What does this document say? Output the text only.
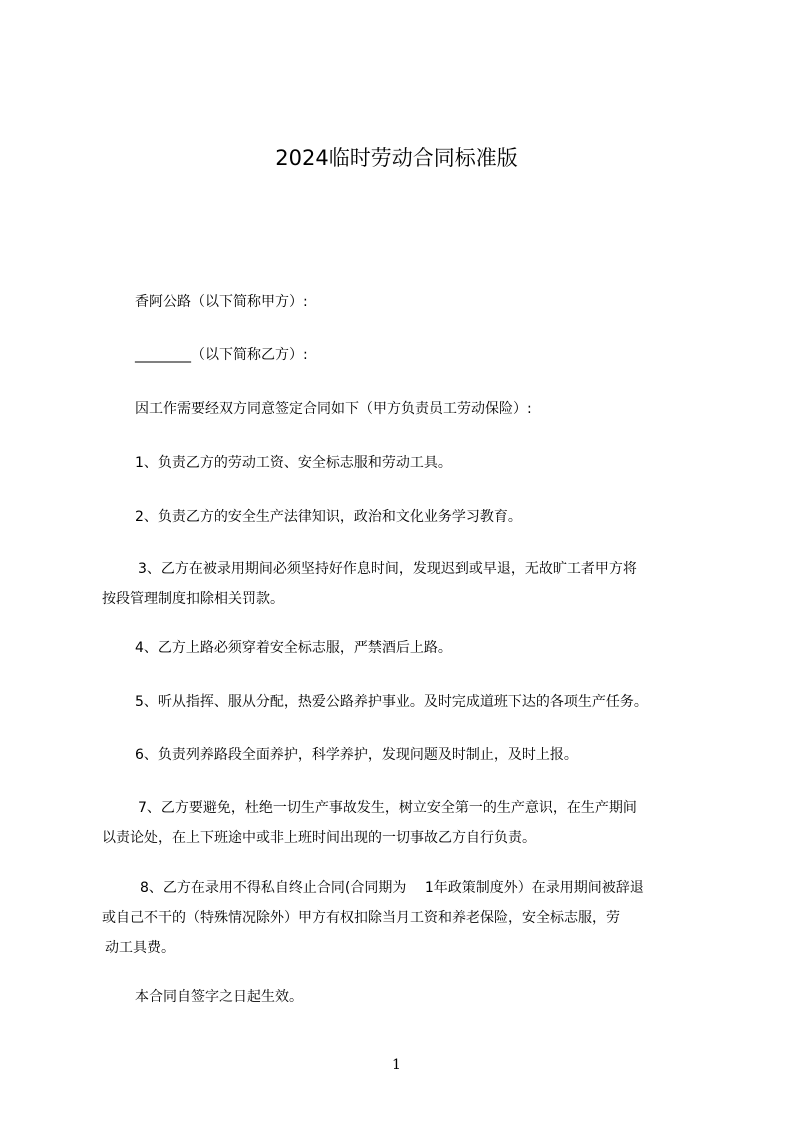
2024临时劳动合同标准版
香阿公路（以下简称甲方）:
________（以下简称乙方）:
因工作需要经双方同意签定合同如下（甲方负责员工劳动保险）:
1、负责乙方的劳动工资、安全标志服和劳动工具。
2、负责乙方的安全生产法律知识，政治和文化业务学习教育。
3、乙方在被录用期间必须坚持好作息时间，发现迟到或早退，无故旷工者甲方将
按段管理制度扣除相关罚款。
4、乙方上路必须穿着安全标志服，严禁酒后上路。
5、听从指挥、服从分配，热爱公路养护事业。及时完成道班下达的各项生产任务。
6、负责列养路段全面养护，科学养护，发现问题及时制止，及时上报。
7、乙方要避免，杜绝一切生产事故发生，树立安全第一的生产意识，在生产期间
以责论处，在上下班途中或非上班时间出现的一切事故乙方自行负责。
8、乙方在录用不得私自终止合同(合同期为　 1年政策制度外）在录用期间被辞退
或自己不干的（特殊情况除外）甲方有权扣除当月工资和养老保险，安全标志服，劳
动工具费。
本合同自签字之日起生效。
1
